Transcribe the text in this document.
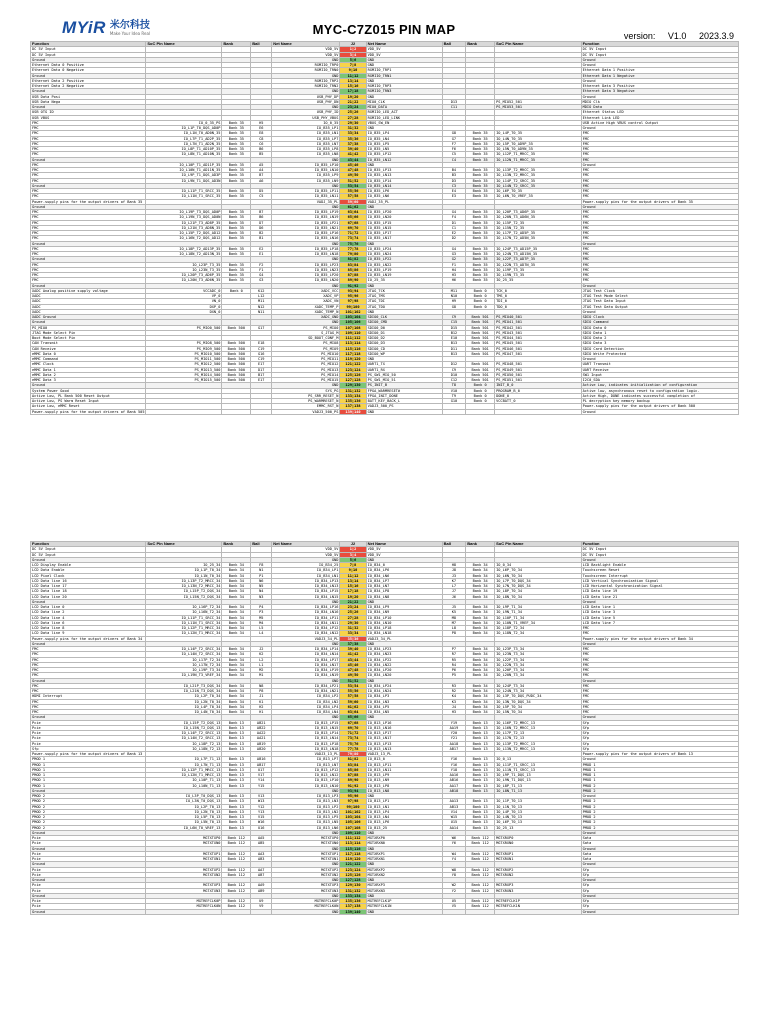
MYiR 米尔科技
Make Your Idea Real	MYC-C7Z015 PIN MAP	version: V1.0 2023.3.9
Function	SoC Pin Name	Bank	Ball	Net Name	J2	Net Name	Ball	Bank	SoC Pin Name	Function
DC 5V Input				VDD_5V	1|2	VDD_5V				DC 5V Input
DC 5V Input				VDD_5V	3|4	VDD_5V				DC 5V Input
Ground				GND	5|6	GND				Ground
Ethernet Data 0 Positive				RGMII0_TRP0	7|8	GND				Ground
Ethernet Data 0 Negative				RGMII0_TRN0	9|10	RGMII0_TRP1				Ethernet Data 1 Positive
Ground				GND	11|12	RGMII0_TRN1				Ethernet Data 1 Negative
Ethernet Data 2 Positive				RGMII0_TRP2	13|14	GND				Ground
Ethernet Data 2 Negative				RGMII0_TRN2	15|16	RGMII0_TRP3				Ethernet Data 3 Positive
Ground				GND	17|18	RGMII0_TRN3				Ethernet Data 3 Negative
USB Data Posi				USB_PHY_DP	19|20	GND				Ground
USB Data Nega				USB_PHY_DN	21|22	MIO0_CLK	D13		PS_MIO52_501	MDIO Clk
Ground				GND	23|24	MIO0_DATA	C11		PS_MIO53_501	MDIO Data
USB OTG ID				USB_PHY_ID	25|26	RGMII0_LED_ACT				Ethernet Status LED
USB VBUS				USB_PHY_VBUS	27|28	RGMII0_LED_LINK				Ethernet Link LED
FMC	IO_0_35_PS	Bank 35	H5	IO_0_35	29|30	VBUS_SW_EN				USB Active High VBUS control Output
FMC	IO_L1P_T0_DQS_AD0P	Bank 35	E6	IO_B35_LP1	31|32	GND				Ground
FMC	IO_L1N_T0_AD0N_35	Bank 35	E8	IO_B35_LN1	33|34	IO_B35_LP4	G8	Bank 35	IO_L4P_T0_35	FMC
FMC	IO_L7P_T1_AD2P_35	Bank 35	C8	IO_B35_LP7	35|36	IO_B35_LN4	G7	Bank 35	IO_L4N_T0_35	FMC
FMC	IO_L7N_T1_AD2N_35	Bank 35	C6	IO_B35_LN7	37|38	IO_B35_LP5	F7	Bank 35	IO_L5P_T0_AD9P_35	FMC
FMC	IO_L8P_T1_AD10P_35	Bank 35	B6	IO_B35_LP8	39|40	IO_B35_LN5	F6	Bank 35	IO_L5N_T0_AD9N_35	FMC
FMC	IO_L8N_T1_AD10N_35	Bank 35	B5	IO_B35_LN8	41|42	IO_B35_LP12	C5	Bank 35	IO_L12P_T1_MRCC_35	FMC
Ground				GND	43|44	IO_B35_LN12	C4	Bank 35	IO_L12N_T1_MRCC_35	FMC
FMC	IO_L10P_T1_AD11P_35	Bank 35	A5	IO_B35_LP10	45|46	GND				Ground
FMC	IO_L10N_T1_AD11N_35	Bank 35	A4	IO_B35_LN10	47|48	IO_B35_LP13	B4	Bank 35	IO_L13P_T2_MRCC_35	FMC
FMC	IO_L9P_T1_DQS_AD3P	Bank 35	B7	IO_B35_LP9	49|50	IO_B35_LN13	B3	Bank 35	IO_L13N_T2_MRCC_35	FMC
FMC	IO_L9N_T1_DQS_AD3N	Bank 35	A6	IO_B35_LN9	51|52	IO_B35_LP14	D3	Bank 35	IO_L14P_T2_SRCC_35	FMC
Ground				GND	53|54	IO_B35_LN14	C3	Bank 35	IO_L14N_T2_SRCC_35	FMC
FMC	IO_L11P_T1_SRCC_35	Bank 35	D5	IO_B35_LP11	55|56	IO_B35_LP6	E4	Bank 35	IO_L6P_T0_35	FMC
FMC	IO_L11N_T1_SRCC_35	Bank 35	C5	IO_B35_LN11	57|58	IO_B35_LN6	E3	Bank 35	IO_L6N_T0_VREF_35	FMC
Power-supply pins for the output drivers of Bank 35				VADJ_35_PL	59|60	VADJ_35_PL				Power-supply pins for the output drivers of Bank 35
Ground				GND	61|62	GND				Ground
FMC	IO_L19P_T3_DQS_AD0P	Bank 35	B7	IO_B35_LP19	63|64	IO_B35_LP20	G4	Bank 35	IO_L20P_T3_AD6P_35	FMC
FMC	IO_L19N_T3_DQS_AD0N	Bank 35	B6	IO_B35_LN19	65|66	IO_B35_LN20	F4	Bank 35	IO_L20N_T3_AD6N_35	FMC
FMC	IO_L21P_T3_AD8P_35	Bank 35	D7	IO_B35_LP21	67|68	IO_B35_LP15	D1	Bank 35	IO_L15P_T2_35	FMC
FMC	IO_L21N_T3_AD8N_35	Bank 35	D6	IO_B35_LN21	69|70	IO_B35_LN15	C1	Bank 35	IO_L15N_T2_35	FMC
FMC	IO_L15P_T2_DQS_AD12	Bank 35	B2	IO_B35_LP16	71|72	IO_B35_LP17	E2	Bank 35	IO_L17P_T2_AD5P_35	FMC
FMC	IO_L16N_T2_DQS_AD12	Bank 35	B1	IO_B35_LN16	73|74	IO_B35_LN17	D2	Bank 35	IO_L17N_T2_AD5N_35	FMC
Ground				GND	75|76	GND				Ground
FMC	IO_L18P_T2_AD13P_35	Bank 35	E2	IO_B35_LP18	77|78	IO_B35_LP24	G4	Bank 35	IO_L24P_T3_AD15P_35	FMC
FMC	IO_L18N_T2_AD13N_35	Bank 35	E1	IO_B35_LN18	79|80	IO_B35_LN24	G3	Bank 35	IO_L24N_T3_AD15N_35	FMC
Ground				GND	81|82	IO_B35_LP22	G2	Bank 35	IO_L22P_T3_AD7P_35	FMC
FMC	IO_L23P_T3_35	Bank 35	F2	IO_B35_LP23	83|84	IO_B35_LN22	F1	Bank 35	IO_L22N_T3_AD7N_35	FMC
FMC	IO_L23N_T3_35	Bank 35	F1	IO_B35_LN23	85|86	IO_B35_LP19	H4	Bank 35	IO_L19P_T3_35	FMC
FMC	IO_L20P_T3_AD6P_35	Bank 35	G4	IO_B35_LP20	87|88	IO_B35_LN19	H3	Bank 35	IO_L19N_T3_35	FMC
FMC	IO_L20N_T3_AD6N_35	Bank 35	G3	IO_B35_LN20	89|90	IO_25_35	H6	Bank 35	IO_25_35	FMC
Ground				GND	91|92	GND				Ground
XADC Analog positive supply voltage	VCCADC_0	Bank 0	K12	XADC_VCC	93|94	JTAG_TCK	M11	Bank 0	TCK_0	JTAG Test Clock
XADC	VP_0		L12	XADC_VP	95|96	JTAG_TMS	N10	Bank 0	TMS_0	JTAG Test Mode Select
XADC	VN_0		M11	XADC_VN	97|98	JTAG_TDI	H9	Bank 0	TDI_0	JTAG Test Data Input
XADC	DXP_0		N12	XADC_TEMP_P	99|100	JTAG_TDO	G8	Bank 0	TDO_0	JTAG Test Data Output
XADC	DXN_0		N11	XADC_TEMP_N	101|102	GND				Ground
XADC Ground				XADC_GND	103|104	SDIO0_CLK	C9	Bank 501	PS_MIO40_501	SDIO Clock
Ground				GND	105|106	SDIO0_CMD	C15	Bank 501	PS_MIO41_501	SDIO Command
PS_MIO0	PS_MIO0_500	Bank 500	G17	PS_MIO0	107|108	SDIO0_D0	D15	Bank 501	PS_MIO42_501	SDIO Data 0
JTAG Mode Select Pin				S_JTAG_M	109|110	SDIO0_D1	B12	Bank 501	PS_MIO43_501	SDIO Data 1
Boot Mode Select Pin				SD_BOOT_CONF_M	111|112	SDIO0_D2	E10	Bank 501	PS_MIO44_501	SDIO Data 2
CAN Transmit	PS_MIO8_500	Bank 500	E18	PS_MIO8	113|114	SDIO0_D3	B13	Bank 501	PS_MIO45_501	SDIO Data 3
CAN Receive	PS_MIO9_500	Bank 500	C19	PS_MIO9	115|116	SDIO0_CD	D11	Bank 501	PS_MIO46_501	SDIO Card Detection
eMMC Data 0	PS_MIO10_500	Bank 500	G16	PS_MIO10	117|118	SDIO0_WP	B13	Bank 501	PS_MIO47_501	SDIO Write Protected
eMMC Command	PS_MIO11_500	Bank 500	C19	PS_MIO11	119|120	GND				Ground
eMMC Clock	PS_MIO12_500	Bank 500	E17	PS_MIO12	121|122	UART1_TX	D12	Bank 501	PS_MIO48_501	UART Transmit
eMMC Data 1	PS_MIO13_500	Bank 500	D17	PS_MIO13	123|124	UART1_RX	C9	Bank 501	PS_MIO49_501	UART Receive
eMMC Data 2	PS_MIO14_500	Bank 500	B17	PS_MIO14	125|126	PS_SW1_MIO_50	D10	Bank 501	PS_MIO50_501	SW1 Input
eMMC Data 3	PS_MIO15_500	Bank 500	E17	PS_MIO15	127|128	PS_SW1_MIO_51	C12	Bank 501	PS_MIO51_501	I2C0_SDA
Ground				GND	129|130	PS_INIT_B	T8	Bank 0	INIT_B_0	Active Low, indicates initialization of configuration
System Power Good				SYS_PG	131|132	FPGA_WARMRESET#	V10	Bank 0	PROGRAM_B_0	Active low, asynchronous reset to configuration logic.
Active Low, PL Bank 500 Reset Output				PS_SRR_RESET_N	133|134	FPGA_INIT_DONE	T9	Bank 0	DONE_0	Active High, DONE indicates successful completion of
Active Low, PS Warm Reset Input				PS_WARMRESET_N	135|136	BATT_KEY_BACK_L	G10	Bank 0	VCCBATT_0	PL decryption key memory backup
Active Low, eMMC Reset				EMMC_RST_N	137|138	VADJ3_500_PS				Power-supply pins for the output drivers of Bank 500
Power-supply pins for the output drivers of Bank 505				VADJ3_500_PS	139|140	GND				Ground
Function	SoC Pin Name	Bank	Ball	Net Name	J2	Net Name	Ball	Bank	SoC Pin Name	Function
DC 5V Input				VDD_5V	1|2	VDD_5V				DC 5V Input
DC 5V Input				VDD_5V	3|4	VDD_5V				DC 5V Input
Ground				GND	5|6	GND				Ground
LCD Display Enable	IO_25_34	Bank 34	F8	IO_B34_25	7|8	IO_B34_0	H8	Bank 34	IO_0_34	LCD Backlight Enable
LCD Data Enable	IO_L1P_T0_34	Bank 34	N1	IO_B34_LP1	9|10	IO_B34_LP6	J8	Bank 34	IO_L6P_T0_34	Touchscreen Reset
LCD Pixel Clock	IO_L1N_T0_34	Bank 34	P1	IO_B34_LN1	11|12	IO_B34_LN6	J3	Bank 34	IO_L6N_T0_34	Touchscreen Interrupt
LCD Data line 16	IO_L13P_T2_MRCC_34	Bank 34	N6	IO_B34_LP13	13|14	IO_B34_LP7	K7	Bank 34	IO_L7P_T0_DQS_34	LCD Vertical Synchronization Signal
LCD Data line 17	IO_L13N_T2_MRCC_34	Bank 34	N5	IO_B34_LN13	15|16	IO_B34_LN7	L7	Bank 34	IO_L7N_T0_DQS_34	LCD Horizontal Synchronization Signal
LCD Data line 18	IO_L15P_T2_DQS_34	Bank 34	N4	IO_B34_LP15	17|18	IO_B34_LP8	J7	Bank 34	IO_L8P_T0_34	LCD Data line 19
LCD Data line 20	IO_L15N_T2_DQS_34	Bank 34	N3	IO_B34_LN15	19|20	IO_B34_LN8	J6	Bank 34	IO_L8N_T0_34	LCD Data line 21
Ground				GND	21|22	GND				Ground
LCD Data line 0	IO_L16P_T2_34	Bank 34	P4	IO_B34_LP16	23|24	IO_B34_LP9	J5	Bank 34	IO_L9P_T1_34	LCD Data line 1
LCD Data line 2	IO_L16N_T2_34	Bank 34	P3	IO_B34_LN16	25|26	IO_B34_LN9	K5	Bank 34	IO_L9N_T1_34	LCD Data line 3
LCD Data line 4	IO_L11P_T1_SRCC_34	Bank 34	M5	IO_B34_LP11	27|28	IO_B34_LP10	M8	Bank 34	IO_L10P_T1_34	LCD Data line 5
LCD Data line 6	IO_L11N_T1_SRCC_34	Bank 34	M4	IO_B34_LN11	29|30	IO_B34_LN10	M7	Bank 34	IO_L10N_T1_VREF_34	LCD Data line 7
LCD Data line 8	IO_L12P_T1_MRCC_34	Bank 34	L5	IO_B34_LP12	31|32	IO_B34_LP18	L8	Bank 34	IO_L18P_T2_34	FMC
LCD Data line 9	IO_L12N_T1_MRCC_34	Bank 34	L4	IO_B34_LN12	33|34	IO_B34_LN18	P8	Bank 34	IO_L18N_T2_34	FMC
Power-supply pins for the output drivers of Bank 34				VADJ3_34_PL	35|36	VADJ3_34_PL				Power-supply pins for the output drivers of Bank 34
Ground				GND	37|38	GND				Ground
FMC	IO_L14P_T2_SRCC_34	Bank 34	J2	IO_B34_LP14	39|40	IO_B34_LP23	P7	Bank 34	IO_L23P_T3_34	FMC
FMC	IO_L14N_T2_SRCC_34	Bank 34	K2	IO_B34_LN14	41|42	IO_B34_LN23	R7	Bank 34	IO_L23N_T3_34	FMC
FMC	IO_L17P_T2_34	Bank 34	L2	IO_B34_LP17	43|44	IO_B34_LP22	R5	Bank 34	IO_L22P_T3_34	FMC
FMC	IO_L17N_T2_34	Bank 34	L1	IO_B34_LN17	45|46	IO_B34_LN22	R4	Bank 34	IO_L22N_T3_34	FMC
FMC	IO_L19P_T3_34	Bank 34	M2	IO_B34_LP19	47|48	IO_B34_LP20	P6	Bank 34	IO_L20P_T3_34	FMC
FMC	IO_L19N_T3_VREF_34	Bank 34	M1	IO_B34_LN19	49|50	IO_B34_LN20	P5	Bank 34	IO_L20N_T3_34	FMC
Ground				GND	51|52	GND				Ground
FMC	IO_L21P_T3_DQS_34	Bank 34	N8	IO_B34_LP21	53|54	IO_B34_LP24	R3	Bank 34	IO_L24P_T3_34	FMC
FMC	IO_L21N_T3_DQS_34	Bank 34	P8	IO_B34_LN21	55|56	IO_B34_LN24	R2	Bank 34	IO_L24N_T3_34	FMC
HDMI Interrupt	IO_L2P_T0_34	Bank 34	J1	IO_B34_LP2	57|58	IO_B34_LP3	K4	Bank 34	IO_L3P_T0_DQS_PUDC_34	FMC
FMC	IO_L2N_T0_34	Bank 34	K1	IO_B34_LN2	59|60	IO_B34_LN3	K3	Bank 34	IO_L3N_T0_DQS_34	FMC
FMC	IO_L4P_T0_34	Bank 34	H2	IO_B34_LP4	61|62	IO_B34_LP5	J4	Bank 34	IO_L5P_T0_34	FMC
FMC	IO_L4N_T0_34	Bank 34	H1	IO_B34_LN4	63|64	IO_B34_LN5	H3	Bank 34	IO_L5N_T0_34	FMC
Ground				GND	65|66	GND				Ground
Pcie	IO_L15P_T2_DQS_13	Bank 13	AB21	IO_B13_LP15	67|68	IO_B13_LP16	Y19	Bank 13	IO_L16P_T2_MRCC_13	Sfp
Pcie	IO_L15N_T2_DQS_13	Bank 13	AB22	IO_B13_LN15	69|70	IO_B13_LN16	AA19	Bank 13	IO_L16N_T2_MRCC_13	Sfp
Pcie	IO_L14P_T2_SRCC_13	Bank 13	AA22	IO_B13_LP14	71|72	IO_B13_LP17	Y20	Bank 13	IO_L17P_T2_13	Sfp
Pcie	IO_L14N_T2_SRCC_13	Bank 13	AA21	IO_B13_LN14	73|74	IO_B13_LN17	Y21	Bank 13	IO_L17N_T2_13	Sfp
Pcie	IO_L18P_T2_13	Bank 13	AB19	IO_B13_LP18	75|76	IO_B13_LP13	AA18	Bank 13	IO_L13P_T2_MRCC_13	Sfp
Sfp	IO_L18N_T2_13	Bank 13	AB20	IO_B13_LN18	77|78	IO_B13_LN13	AB17	Bank 13	IO_L13N_T2_MRCC_13	Sfp
Power-supply pins for the output drivers of Bank 13				VADJ3_13_PL	79|80	VADJ3_13_PL				Power-supply pins for the output drivers of Bank 13
PMOD 1	IO_L7P_T1_13	Bank 13	AB16	IO_B13_LP7	81|82	IO_B13_0	Y16	Bank 13	IO_0_13	Ground
PMOD 1	IO_L7N_T1_13	Bank 13	AB17	IO_B13_LN7	83|84	IO_B13_LP11	Y16	Bank 13	IO_L11P_T1_SRCC_13	PMOD 1
PMOD 1	IO_L12P_T1_MRCC_13	Bank 13	U17	IO_B13_LP12	85|86	IO_B13_LN11	Y18	Bank 13	IO_L11N_T1_SRCC_13	PMOD 1
PMOD 1	IO_L12N_T1_MRCC_13	Bank 13	V17	IO_B13_LN12	87|88	IO_B13_LP9	AA16	Bank 13	IO_L9P_T1_DQS_13	PMOD 1
PMOD 1	IO_L10P_T1_13	Bank 13	Y14	IO_B13_LP10	89|90	IO_B13_LN9	AB16	Bank 13	IO_L9N_T1_DQS_13	PMOD 1
PMOD 1	IO_L10N_T1_13	Bank 13	Y15	IO_B13_LN10	91|92	IO_B13_LP8	AA17	Bank 13	IO_L8P_T1_13	PMOD 2
Ground				GND	93|94	IO_B13_LN8	AB18	Bank 13	IO_L8N_T1_13	PMOD 2
PMOD 2	IO_L3P_T0_DQS_13	Bank 13	V13	IO_B13_LP3	95|96	GND				Ground
PMOD 2	IO_L3N_T0_DQS_13	Bank 13	W13	IO_B13_LN3	97|98	IO_B13_LP1	AA13	Bank 13	IO_L1P_T0_13	PMOD 2
PMOD 2	IO_L2P_T0_13	Bank 13	Y12	IO_B13_LP2	99|100	IO_B13_LN1	AB13	Bank 13	IO_L1N_T0_13	PMOD 2
PMOD 2	IO_L2N_T0_13	Bank 13	Y13	IO_B13_LN2	101|102	IO_B13_LP4	V14	Bank 13	IO_L4P_T0_13	PMOD 2
PMOD 2	IO_L5P_T0_13	Bank 13	V15	IO_B13_LP5	103|104	IO_B13_LN4	W15	Bank 13	IO_L4N_T0_13	PMOD 2
PMOD 2	IO_L5N_T0_13	Bank 13	W16	IO_B13_LN5	105|106	IO_B13_LP6	U15	Bank 13	IO_L6P_T0_13	PMOD 2
PMOD 2	IO_L6N_T0_VREF_13	Bank 13	U16	IO_B13_LN6	107|108	IO_B13_25	AA14	Bank 13	IO_25_13	PMOD 2
Ground				GND	109|110	GND				Ground
Pcie	MGTXTXP0	Bank 112	AA5	MGTXTXP0	111|112	MGTXRXP0	W6	Bank 112	MGTXRXP0	Sata
Pcie	MGTXTXN0	Bank 112	AB5	MGTXTXN0	113|114	MGTXRXN0	Y6	Bank 112	MGTXRXN0	Sata
Ground				GND	115|116	GND				Ground
Pcie	MGTXTXP1	Bank 112	AA3	MGTXTXP1	117|118	MGTXRXP1	W4	Bank 112	MGTXRXP1	Sata
Pcie	MGTXTXN1	Bank 112	AB3	MGTXTXN1	119|120	MGTXRXN1	Y4	Bank 112	MGTXRXN1	Sata
Ground				GND	121|122	GND				Ground
Pcie	MGTXTXP2	Bank 112	AA7	MGTXTXP2	123|124	MGTXRXP2	W8	Bank 112	MGTXRXP2	Sfp
Pcie	MGTXTXN2	Bank 112	AB7	MGTXTXN2	125|126	MGTXRXN2	Y8	Bank 112	MGTXRXN2	Sfp
Ground				GND	127|128	GND				Ground
Pcie	MGTXTXP3	Bank 112	AA9	MGTXTXP3	129|130	MGTXRXP3	W2	Bank 112	MGTXRXP3	Sfp
Pcie	MGTXTXN3	Bank 112	AB9	MGTXTXN3	131|132	MGTXRXN3	Y2	Bank 112	MGTXRXN3	Sfp
Ground				GND	133|134	GND				Ground
Pcie	MGTREFCLK0P	Bank 112	U9	MGTREFCLK0P	135|136	MGTREFCLK1P	U5	Bank 112	MGTREFCLK1P	Sfp
Pcie	MGTREFCLK0N	Bank 112	V9	MGTREFCLK0N	137|138	MGTREFCLK1N	V5	Bank 112	MGTREFCLK1N	Sfp
Ground				GND	139|140	GND				Ground
